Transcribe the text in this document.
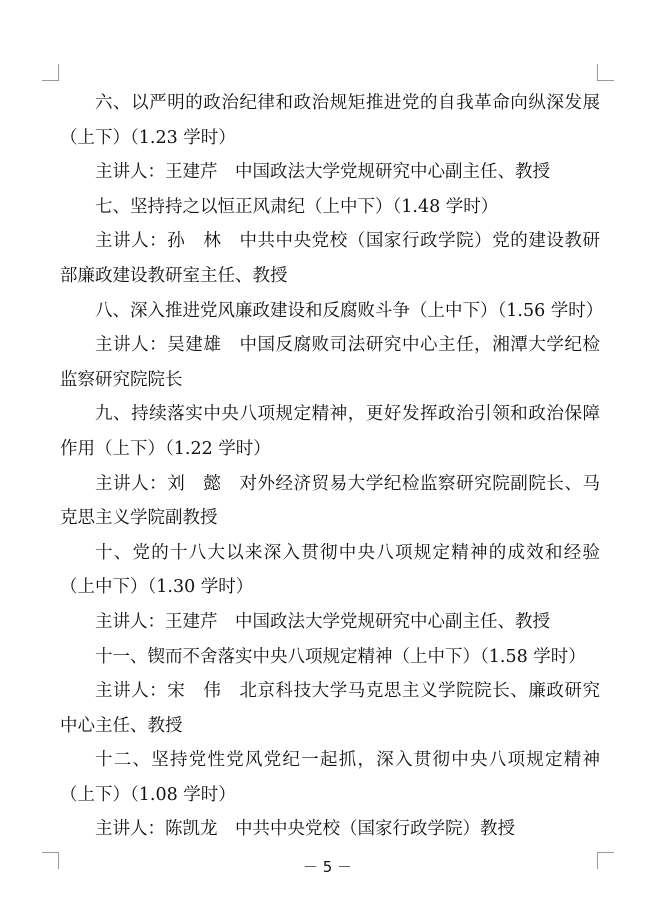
六、以严明的政治纪律和政治规矩推进党的自我革命向纵深发展（上下）（1.23 学时）

主讲人：王建芹　中国政法大学党规研究中心副主任、教授

七、坚持持之以恒正风肃纪（上中下）（1.48 学时）

主讲人：孙　林　中共中央党校（国家行政学院）党的建设教研部廉政建设教研室主任、教授

八、深入推进党风廉政建设和反腐败斗争（上中下）（1.56 学时）

主讲人：吴建雄　中国反腐败司法研究中心主任，湘潭大学纪检监察研究院院长

九、持续落实中央八项规定精神，更好发挥政治引领和政治保障作用（上下）（1.22 学时）

主讲人：刘　懿　对外经济贸易大学纪检监察研究院副院长、马克思主义学院副教授

十、党的十八大以来深入贯彻中央八项规定精神的成效和经验（上中下）（1.30 学时）

主讲人：王建芹　中国政法大学党规研究中心副主任、教授

十一、锲而不舍落实中央八项规定精神（上中下）（1.58 学时）

主讲人：宋　伟　北京科技大学马克思主义学院院长、廉政研究中心主任、教授

十二、坚持党性党风党纪一起抓，深入贯彻中央八项规定精神（上下）（1.08 学时）

主讲人：陈凯龙　中共中央党校（国家行政学院）教授

－ 5 －
